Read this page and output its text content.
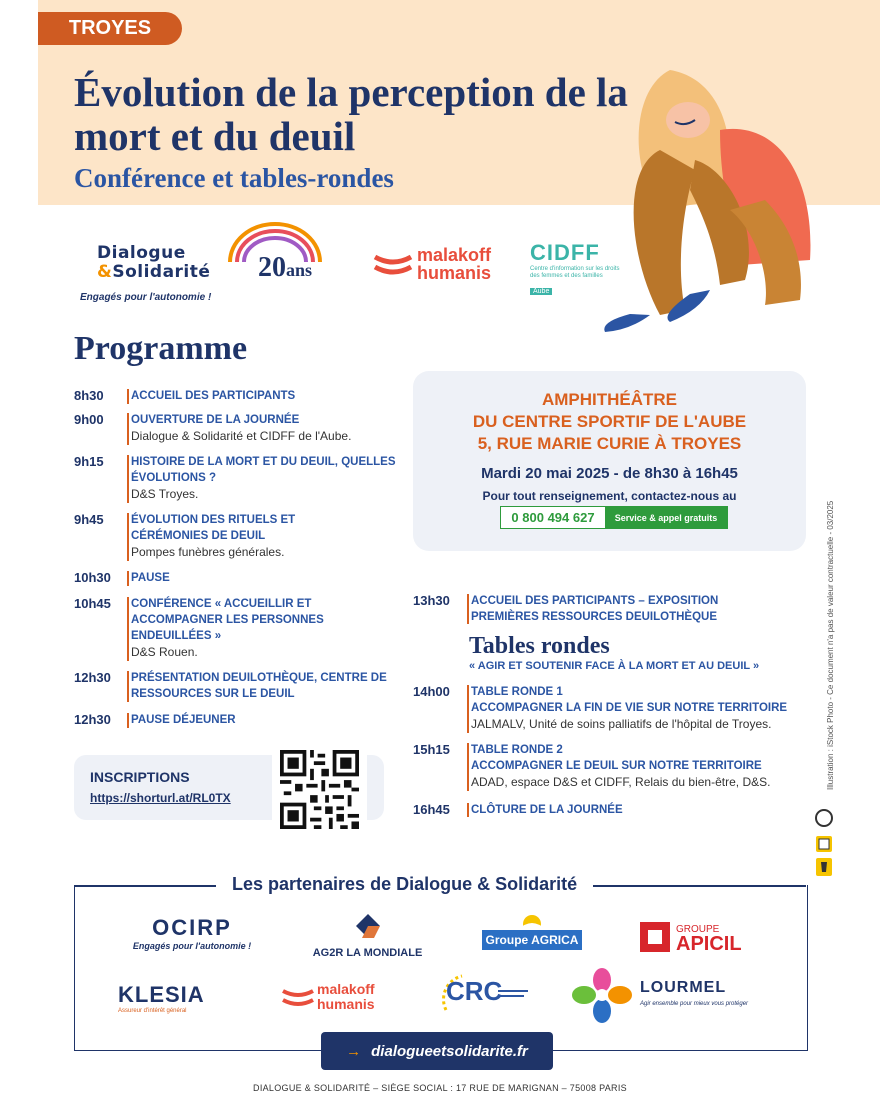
TROYES
Évolution de la perception de la mort et du deuil
Conférence et tables-rondes
Dialogue
&Solidarité
Engagés pour l'autonomie !
20ans
malakoff
humanis
CIDFF
Centre d'information sur les droits des femmes et des familles
Aube
Programme
8h30	ACCUEIL DES PARTICIPANTS
9h00	OUVERTURE DE LA JOURNÉE
Dialogue & Solidarité et CIDFF de l'Aube.
9h15	HISTOIRE DE LA MORT ET DU DEUIL, QUELLES ÉVOLUTIONS ?
D&S Troyes.
9h45	ÉVOLUTION DES RITUELS ET CÉRÉMONIES DE DEUIL
Pompes funèbres générales.
10h30	PAUSE
10h45	CONFÉRENCE « ACCUEILLIR ET ACCOMPAGNER LES PERSONNES ENDEUILLÉES »
D&S Rouen.
12h30	PRÉSENTATION DEUILOTHÈQUE, CENTRE DE RESSOURCES SUR LE DEUIL
12h30	PAUSE DÉJEUNER
AMPHITHÉÂTRE
DU CENTRE SPORTIF DE L'AUBE
5, RUE MARIE CURIE À TROYES
Mardi 20 mai 2025 - de 8h30 à 16h45
Pour tout renseignement, contactez-nous au
0 800 494 627	Service & appel gratuits
13h30	ACCUEIL DES PARTICIPANTS – EXPOSITION PREMIÈRES RESSOURCES DEUILOTHÈQUE
Tables rondes
« AGIR ET SOUTENIR FACE À LA MORT ET AU DEUIL »
14h00	TABLE RONDE 1
ACCOMPAGNER LA FIN DE VIE SUR NOTRE TERRITOIRE
JALMALV, Unité de soins palliatifs de l'hôpital de Troyes.
15h15	TABLE RONDE 2
ACCOMPAGNER LE DEUIL SUR NOTRE TERRITOIRE
ADAD, espace D&S et CIDFF, Relais du bien-être, D&S.
16h45	CLÔTURE DE LA JOURNÉE
INSCRIPTIONS
https://shorturl.at/RL0TX
Illustration : iStock Photo - Ce document n'a pas de valeur contractuelle - 03/2025
Les partenaires de Dialogue & Solidarité
OCIRP
Engagés pour l'autonomie !
AG2R LA MONDIALE
Groupe AGRICA
GROUPE
APICIL
KLESIA
Assureur d'intérêt général
malakoff
humanis	CRC	LOURMEL
Agir ensemble pour mieux vous protéger
→ dialogueetsolidarite.fr
DIALOGUE & SOLIDARITÉ – SIÈGE SOCIAL : 17 RUE DE MARIGNAN – 75008 PARIS
